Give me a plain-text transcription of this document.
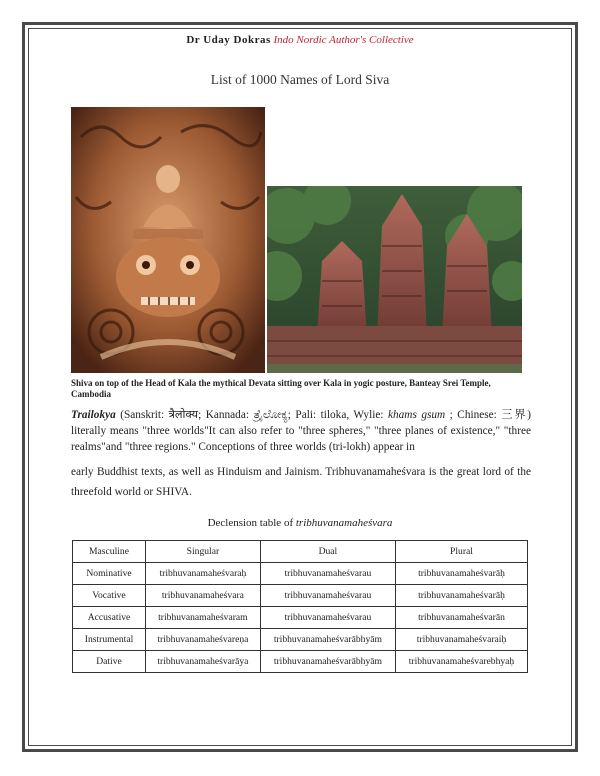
Dr Uday Dokras Indo Nordic Author's Collective
List of 1000 Names of Lord Siva
Shiva on top of the Head of Kala the mythical Devata sitting over Kala in yogic posture, Banteay Srei Temple, Cambodia
Trailokya (Sanskrit: त्रैलोक्य; Kannada: ತ್ರೈಲೋಕ್ಯ; Pali: tiloka, Wylie: khams gsum ; Chinese: 三界) literally means "three worlds"It can also refer to "three spheres," "three planes of existence," "three realms"and "three regions." Conceptions of three worlds (tri-lokh) appear in
early Buddhist texts, as well as Hinduism and Jainism. Tribhuvanamaheśvara is the great lord of the threefold world or SHIVA.
Declension table of tribhuvanamaheśvara
Masculine	Singular	Dual	Plural
Nominative	tribhuvanamaheśvaraḥ	tribhuvanamaheśvarau	tribhuvanamaheśvarāḥ
Vocative	tribhuvanamaheśvara	tribhuvanamaheśvarau	tribhuvanamaheśvarāḥ
Accusative	tribhuvanamaheśvaram	tribhuvanamaheśvarau	tribhuvanamaheśvarān
Instrumental	tribhuvanamaheśvareṇa	tribhuvanamaheśvarābhyām	tribhuvanamaheśvaraiḥ
Dative	tribhuvanamaheśvarāya	tribhuvanamaheśvarābhyām	tribhuvanamaheśvarebhyaḥ
